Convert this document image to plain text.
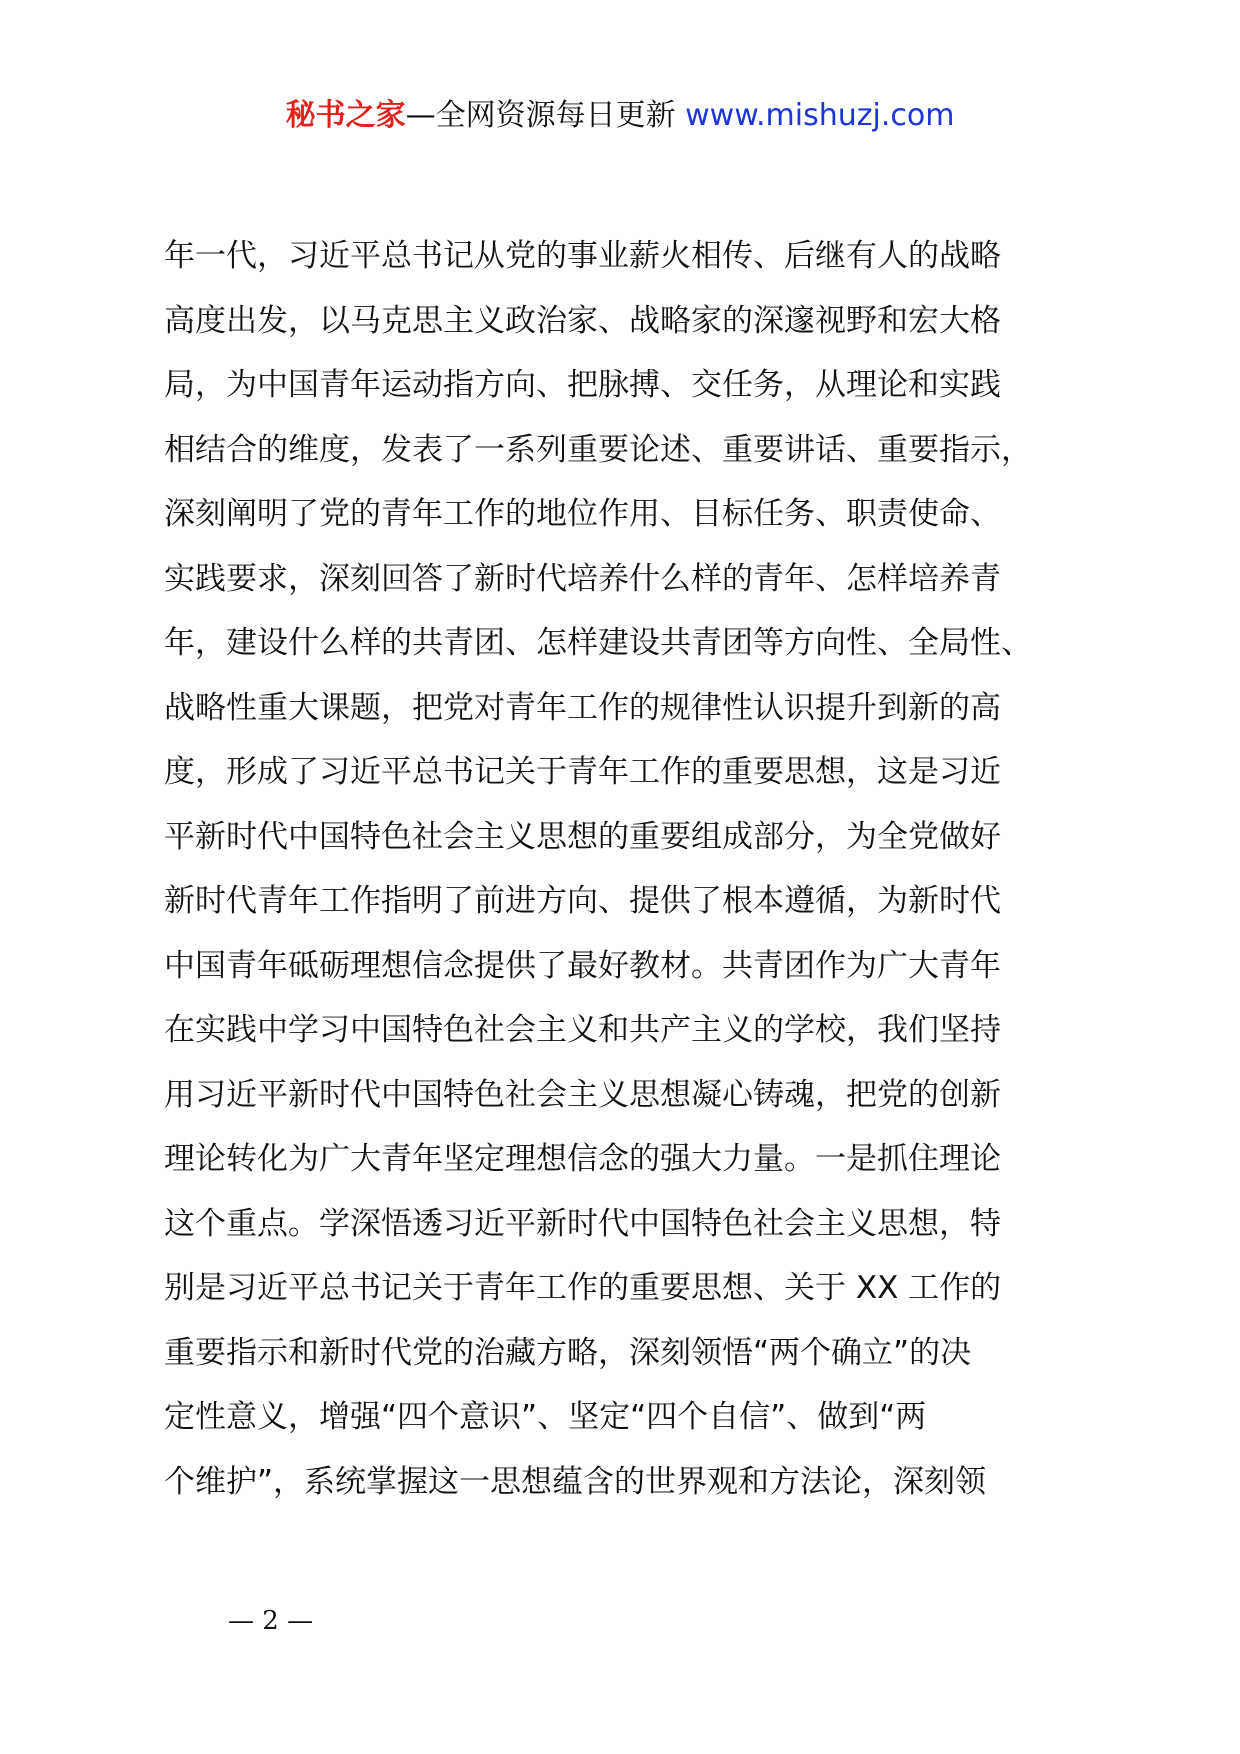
秘书之家—全网资源每日更新 www.mishuzj.com
年一代，习近平总书记从党的事业薪火相传、后继有人的战略
高度出发，以马克思主义政治家、战略家的深邃视野和宏大格
局，为中国青年运动指方向、把脉搏、交任务，从理论和实践
相结合的维度，发表了一系列重要论述、重要讲话、重要指示，
深刻阐明了党的青年工作的地位作用、目标任务、职责使命、
实践要求，深刻回答了新时代培养什么样的青年、怎样培养青
年，建设什么样的共青团、怎样建设共青团等方向性、全局性、
战略性重大课题，把党对青年工作的规律性认识提升到新的高
度，形成了习近平总书记关于青年工作的重要思想，这是习近
平新时代中国特色社会主义思想的重要组成部分，为全党做好
新时代青年工作指明了前进方向、提供了根本遵循，为新时代
中国青年砥砺理想信念提供了最好教材。共青团作为广大青年
在实践中学习中国特色社会主义和共产主义的学校，我们坚持
用习近平新时代中国特色社会主义思想凝心铸魂，把党的创新
理论转化为广大青年坚定理想信念的强大力量。一是抓住理论
这个重点。学深悟透习近平新时代中国特色社会主义思想，特
别是习近平总书记关于青年工作的重要思想、关于 XX 工作的
重要指示和新时代党的治藏方略，深刻领悟“两个确立”的决
定性意义，增强“四个意识”、坚定“四个自信”、做到“两
个维护”，系统掌握这一思想蕴含的世界观和方法论，深刻领
— 2 —
